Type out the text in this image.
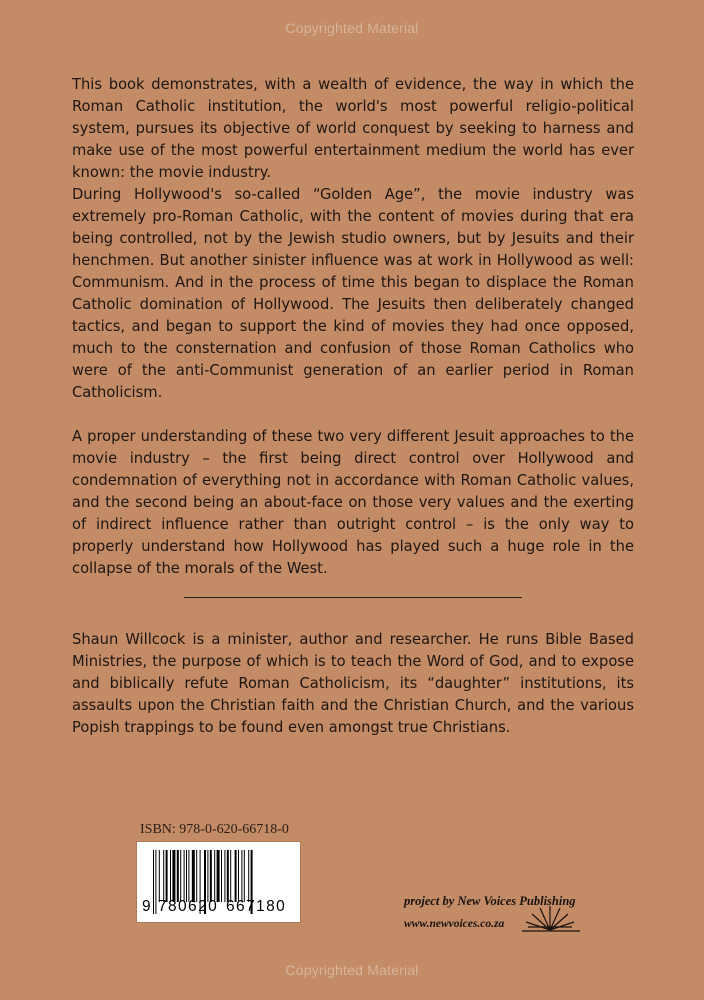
Copyrighted Material

This book demonstrates, with a wealth of evidence, the way in which the Roman Catholic institution, the world's most powerful religio-political system, pursues its objective of world conquest by seeking to harness and make use of the most powerful entertainment medium the world has ever known: the movie industry.

During Hollywood's so-called “Golden Age”, the movie industry was extremely pro-Roman Catholic, with the content of movies during that era being controlled, not by the Jewish studio owners, but by Jesuits and their henchmen. But another sinister influence was at work in Hollywood as well: Communism. And in the process of time this began to displace the Roman Catholic domination of Hollywood. The Jesuits then deliberately changed tactics, and began to support the kind of movies they had once opposed, much to the consternation and confusion of those Roman Catholics who were of the anti-Communist generation of an earlier period in Roman Catholicism.

A proper understanding of these two very different Jesuit approaches to the movie industry – the first being direct control over Hollywood and condemnation of everything not in accordance with Roman Catholic values, and the second being an about-face on those very values and the exerting of indirect influence rather than outright control – is the only way to properly understand how Hollywood has played such a huge role in the collapse of the morals of the West.

Shaun Willcock is a minister, author and researcher. He runs Bible Based Ministries, the purpose of which is to teach the Word of God, and to expose and biblically refute Roman Catholicism, its “daughter” institutions, its assaults upon the Christian faith and the Christian Church, and the various Popish trappings to be found even amongst true Christians.

ISBN: 978-0-620-66718-0
9 780620 667180	project by New Voices Publishing
www.newvoices.co.za
Copyrighted Material
